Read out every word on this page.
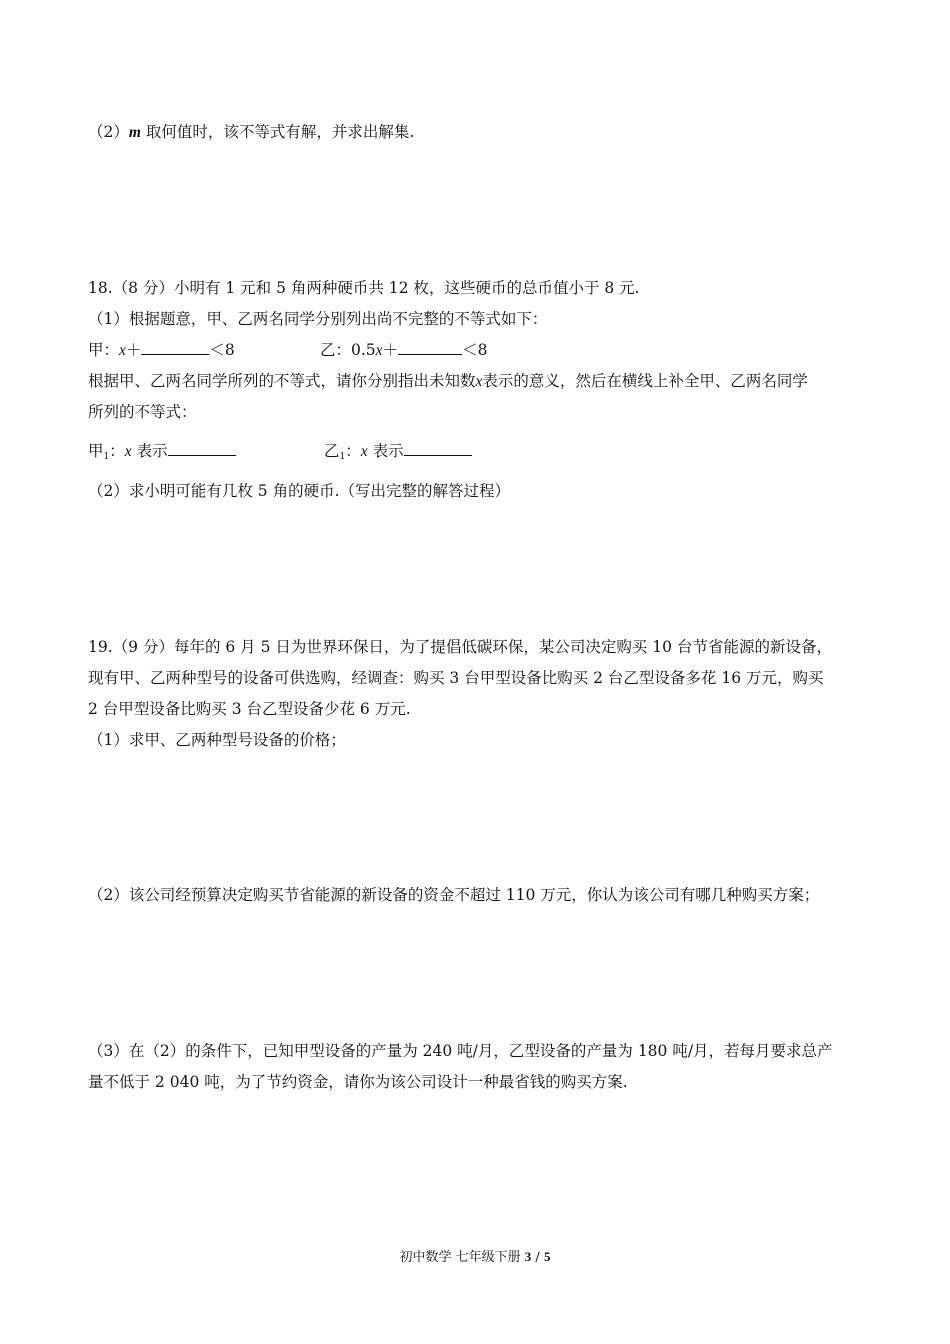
（2）m 取何值时，该不等式有解，并求出解集.
18.（8 分）小明有 1 元和 5 角两种硬币共 12 枚，这些硬币的总币值小于 8 元.
（1）根据题意，甲、乙两名同学分别列出尚不完整的不等式如下：
甲：x＋	＜8	乙：0.5x＋	＜8
根据甲、乙两名同学所列的不等式，请你分别指出未知数x表示的意义，然后在横线上补全甲、乙两名同学
所列的不等式：
甲$_1$：x 表示	乙$_1$：x 表示
（2）求小明可能有几枚 5 角的硬币.（写出完整的解答过程）
19.（9 分）每年的 6 月 5 日为世界环保日，为了提倡低碳环保，某公司决定购买 10 台节省能源的新设备，
现有甲、乙两种型号的设备可供选购，经调查：购买 3 台甲型设备比购买 2 台乙型设备多花 16 万元，购买
2 台甲型设备比购买 3 台乙型设备少花 6 万元.
（1）求甲、乙两种型号设备的价格；
（2）该公司经预算决定购买节省能源的新设备的资金不超过 110 万元，你认为该公司有哪几种购买方案；
（3）在（2）的条件下，已知甲型设备的产量为 240 吨/月，乙型设备的产量为 180 吨/月，若每月要求总产
量不低于 2 040 吨，为了节约资金，请你为该公司设计一种最省钱的购买方案.
初中数学 七年级下册 3 / 5
